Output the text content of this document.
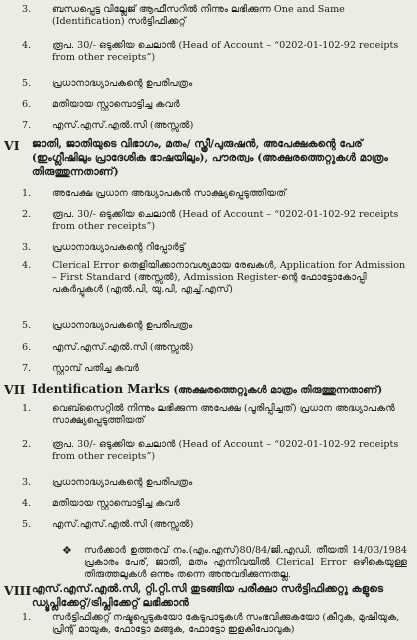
3.	ബന്ധപ്പെട്ട വില്ലേജ് ആഫീസറിൽ നിന്നും ലഭിക്കുന്ന One and Same (Identification) സർട്ടിഫിക്കറ്റ്
4.	രൂപ. 30/- ഒടുക്കിയ ചെലാൻ (Head of Account – “0202-01-102-92 receipts from other receipts”)
5.	പ്രധാനാദ്ധ്യാപകന്റെ ഉപരിപത്രം
6.	മതിയായ സ്റ്റാമ്പൊട്ടിച്ച കവർ
7.	എസ്.എസ്.എൽ.സി (അസ്സൽ)
VI ജാതി, ജാതിയുടെ വിഭാഗം, മതം/ സ്ത്രീ/പുരുഷൻ, അപേക്ഷകന്റെ പേര് (ഇംഗ്ലീഷിലും പ്രാദേശിക ഭാഷയിലും), പൗരത്വം (അക്ഷരത്തെറ്റുകൾ മാത്രം തിരുത്തുന്നതാണ്)
1.	അപേക്ഷ പ്രധാന അദ്ധ്യാപകൻ സാക്ഷ്യപ്പെടുത്തിയത്
2.	രൂപ. 30/- ഒടുക്കിയ ചെലാൻ (Head of Account – “0202-01-102-92 receipts from other receipts”)
3.	പ്രധാനാദ്ധ്യാപകന്റെ റിപ്പോർട്ട്
4.	Clerical Error തെളിയിക്കാനാവശ്യമായ രേഖകൾ, Application for Admission – First Standard (അസ്സൽ), Admission Register-ന്റെ ഫോട്ടോകോപ്പി പകർപ്പുകൾ (എൽ.പി, യു.പി, എച്ച്.എസ്)
5.	പ്രധാനാദ്ധ്യാപകന്റെ ഉപരിപത്രം
6.	എസ്.എസ്.എൽ.സി (അസ്സൽ)
7.	സ്റ്റാമ്പ് പതിച്ച കവർ
VII Identification Marks (അക്ഷരത്തെറ്റുകൾ മാത്രം തിരുത്തുന്നതാണ്)
1.	വെബ്സൈറ്റിൽ നിന്നും ലഭിക്കുന്ന അപേക്ഷ (പൂരിപ്പിച്ചത്) പ്രധാന അദ്ധ്യാപകൻ സാക്ഷ്യപ്പെടുത്തിയത്
2.	രൂപ. 30/- ഒടുക്കിയ ചെലാൻ (Head of Account – “0202-01-102-92 receipts from other receipts”)
3.	പ്രധാനാദ്ധ്യാപകന്റെ ഉപരിപത്രം
4.	മതിയായ സ്റ്റാമ്പൊട്ടിച്ച കവർ
5.	എസ്.എസ്.എൽ.സി (അസ്സൽ)
❖ സർക്കാർ ഉത്തരവ് നം.(എം.എസ്)80/84/ജി.എഡി. തീയതി 14/03/1984 പ്രകാരം പേര്, ജാതി, മതം എന്നിവയിൽ Clerical Error ഒഴികെയുള്ള തിരുത്തലുകൾ ഒന്നും തന്നെ അനുവദിക്കുന്നതല്ല.
VIII എസ്.എസ്.എൽ.സി, റ്റി.റ്റി.സി തുടങ്ങിയ പരീക്ഷാ സർട്ടിഫിക്കറ്റു കളുടെ ഡ്യൂപ്ലിക്കേറ്റ്/ട്രിപ്ലിക്കേറ്റ് ലഭിക്കാൻ
1.	സർട്ടിഫിക്കറ്റ് നഷ്ടപ്പെടുകയോ കേടുപാടുകൾ സംഭവിക്കുകയോ (കീറുക, മുഷിയുക, പ്രിന്റ് മായുക, ഫോട്ടോ മങ്ങുക, ഫോട്ടോ ഇളകിപോവുക)
